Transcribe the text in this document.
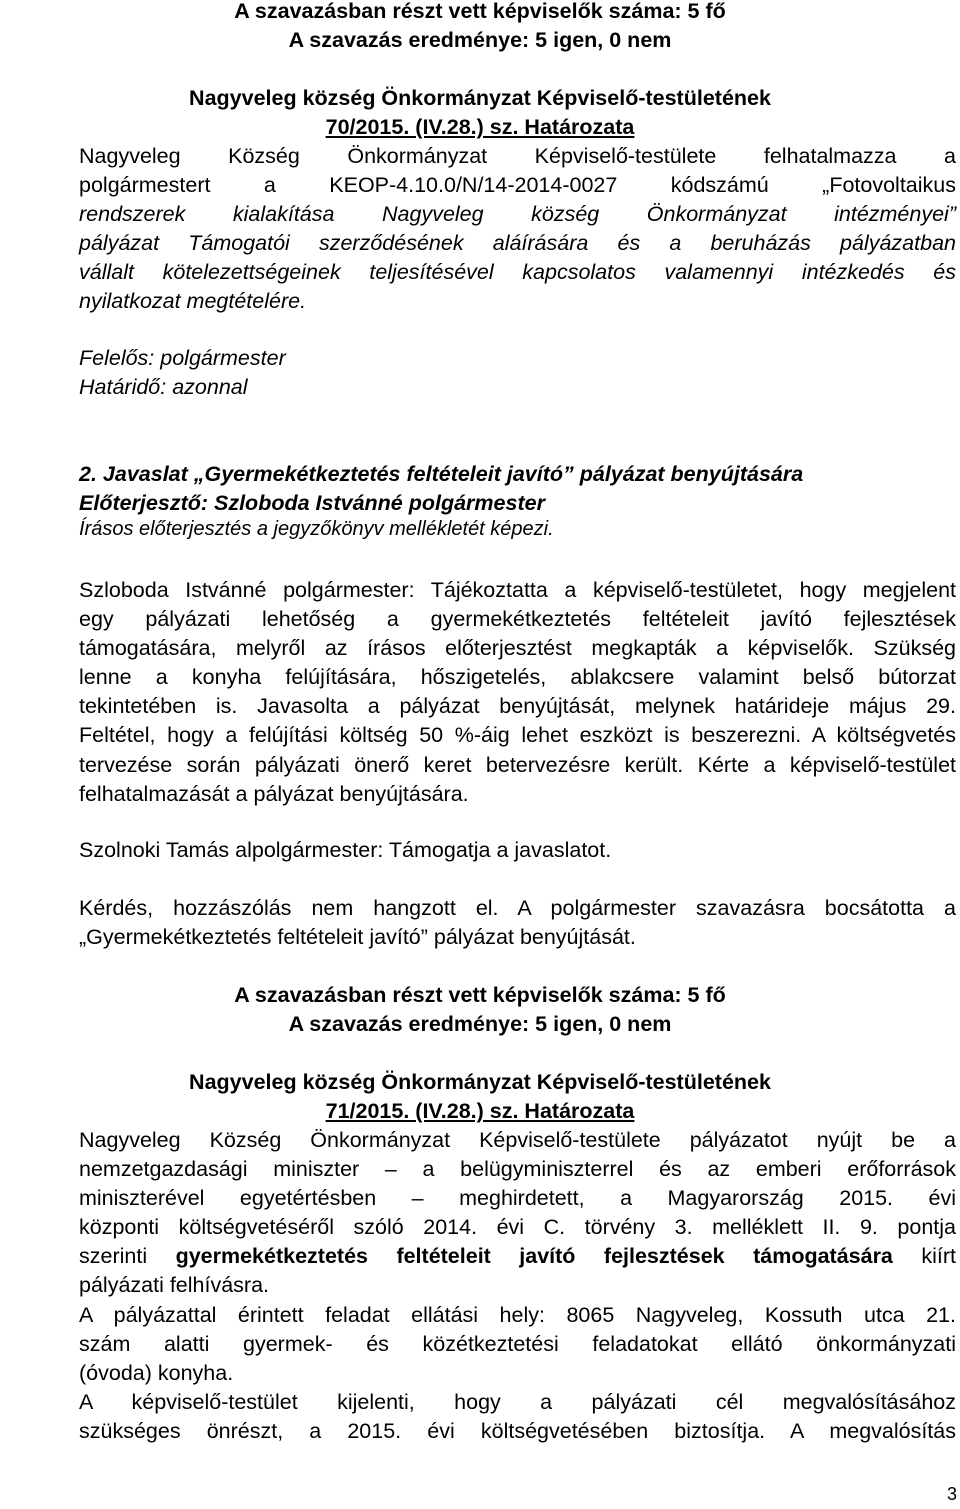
A szavazásban részt vett képviselők száma: 5 fő

A szavazás eredménye: 5 igen, 0 nem

Nagyveleg község Önkormányzat Képviselő-testületének

70/2015. (IV.28.) sz. Határozata

Nagyveleg Község Önkormányzat Képviselő-testülete felhatalmazza a
polgármestert a KEOP-4.10.0/N/14-2014-0027 kódszámú „Fotovoltaikus
rendszerek kialakítása Nagyveleg község Önkormányzat intézményei”
pályázat Támogatói szerződésének aláírására és a beruházás pályázatban
vállalt kötelezettségeinek teljesítésével kapcsolatos valamennyi intézkedés és
nyilatkozat megtételére.

Felelős: polgármester

Határidő: azonnal

2. Javaslat „Gyermekétkeztetés feltételeit javító” pályázat benyújtására

Előterjesztő: Szloboda Istvánné polgármester

Írásos előterjesztés a jegyzőkönyv mellékletét képezi.

Szloboda Istvánné polgármester: Tájékoztatta a képviselő-testületet, hogy megjelent
egy pályázati lehetőség a gyermekétkeztetés feltételeit javító fejlesztések
támogatására, melyről az írásos előterjesztést megkapták a képviselők. Szükség
lenne a konyha felújítására, hőszigetelés, ablakcsere valamint belső bútorzat
tekintetében is. Javasolta a pályázat benyújtását, melynek határideje május 29.
Feltétel, hogy a felújítási költség 50 %-áig lehet eszközt is beszerezni. A költségvetés
tervezése során pályázati önerő keret betervezésre került. Kérte a képviselő-testület
felhatalmazását a pályázat benyújtására.

Szolnoki Tamás alpolgármester: Támogatja a javaslatot.

Kérdés, hozzászólás nem hangzott el. A polgármester szavazásra bocsátotta a
„Gyermekétkeztetés feltételeit javító” pályázat benyújtását.

A szavazásban részt vett képviselők száma: 5 fő

A szavazás eredménye: 5 igen, 0 nem

Nagyveleg község Önkormányzat Képviselő-testületének

71/2015. (IV.28.) sz. Határozata

Nagyveleg Község Önkormányzat Képviselő-testülete pályázatot nyújt be a
nemzetgazdasági miniszter – a belügyminiszterrel és az emberi erőforrások
miniszterével egyetértésben – meghirdetett, a Magyarország 2015. évi
központi költségvetéséről szóló 2014. évi C. törvény 3. melléklett II. 9. pontja
szerinti gyermekétkeztetés feltételeit javító fejlesztések támogatására kiírt
pályázati felhívásra.
A pályázattal érintett feladat ellátási hely: 8065 Nagyveleg, Kossuth utca 21.
szám alatti gyermek- és közétkeztetési feladatokat ellátó önkormányzati
(óvoda) konyha.
A képviselő-testület kijelenti, hogy a pályázati cél megvalósításához
szükséges önrészt, a 2015. évi költségvetésében biztosítja. A megvalósítás
3
